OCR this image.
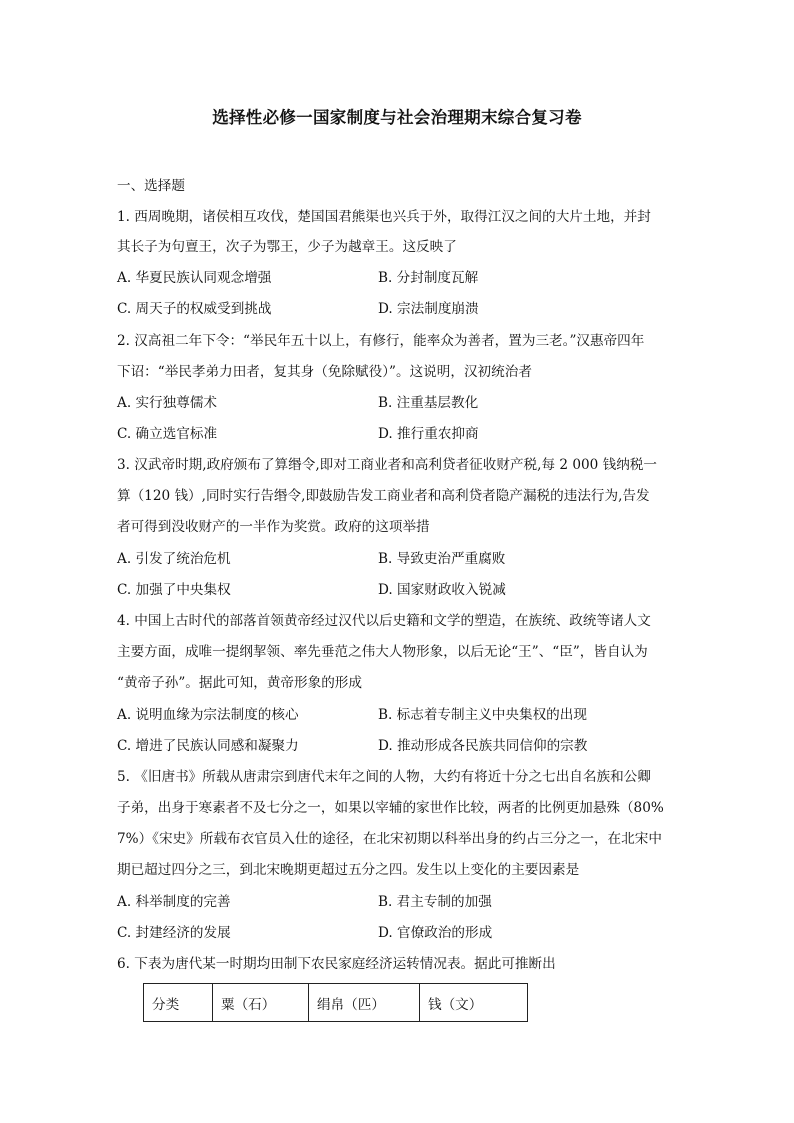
选择性必修一国家制度与社会治理期末综合复习卷
一、选择题
1. 西周晚期，诸侯相互攻伐，楚国国君熊渠也兴兵于外，取得江汉之间的大片土地，并封
其长子为句亶王，次子为鄂王，少子为越章王。这反映了
A. 华夏民族认同观念增强	B. 分封制度瓦解
C. 周天子的权威受到挑战	D. 宗法制度崩溃
2. 汉高祖二年下令：“举民年五十以上，有修行，能率众为善者，置为三老。”汉惠帝四年
下诏：“举民孝弟力田者，复其身（免除赋役）”。这说明，汉初统治者
A. 实行独尊儒术	B. 注重基层教化
C. 确立选官标准	D. 推行重农抑商
3. 汉武帝时期,政府颁布了算缗令,即对工商业者和高利贷者征收财产税,每 2 000 钱纳税一
算（120 钱）,同时实行告缗令,即鼓励告发工商业者和高利贷者隐产漏税的违法行为,告发
者可得到没收财产的一半作为奖赏。政府的这项举措
A. 引发了统治危机	B. 导致吏治严重腐败
C. 加强了中央集权	D. 国家财政收入锐减
4. 中国上古时代的部落首领黄帝经过汉代以后史籍和文学的塑造，在族统、政统等诸人文
主要方面，成唯一提纲挈领、率先垂范之伟大人物形象，以后无论“王”、“臣”，皆自认为
“黄帝子孙”。据此可知，黄帝形象的形成
A. 说明血缘为宗法制度的核心	B. 标志着专制主义中央集权的出现
C. 增进了民族认同感和凝聚力	D. 推动形成各民族共同信仰的宗教
5. 《旧唐书》所载从唐肃宗到唐代末年之间的人物，大约有将近十分之七出自名族和公卿
子弟，出身于寒素者不及七分之一，如果以宰辅的家世作比较，两者的比例更加悬殊（80%
7%）《宋史》所载布衣官员入仕的途径，在北宋初期以科举出身的约占三分之一，在北宋中
期已超过四分之三，到北宋晚期更超过五分之四。发生以上变化的主要因素是
A. 科举制度的完善	B. 君主专制的加强
C. 封建经济的发展	D. 官僚政治的形成
6. 下表为唐代某一时期均田制下农民家庭经济运转情况表。据此可推断出
分类	粟（石）	绢帛（匹）	钱（文）
